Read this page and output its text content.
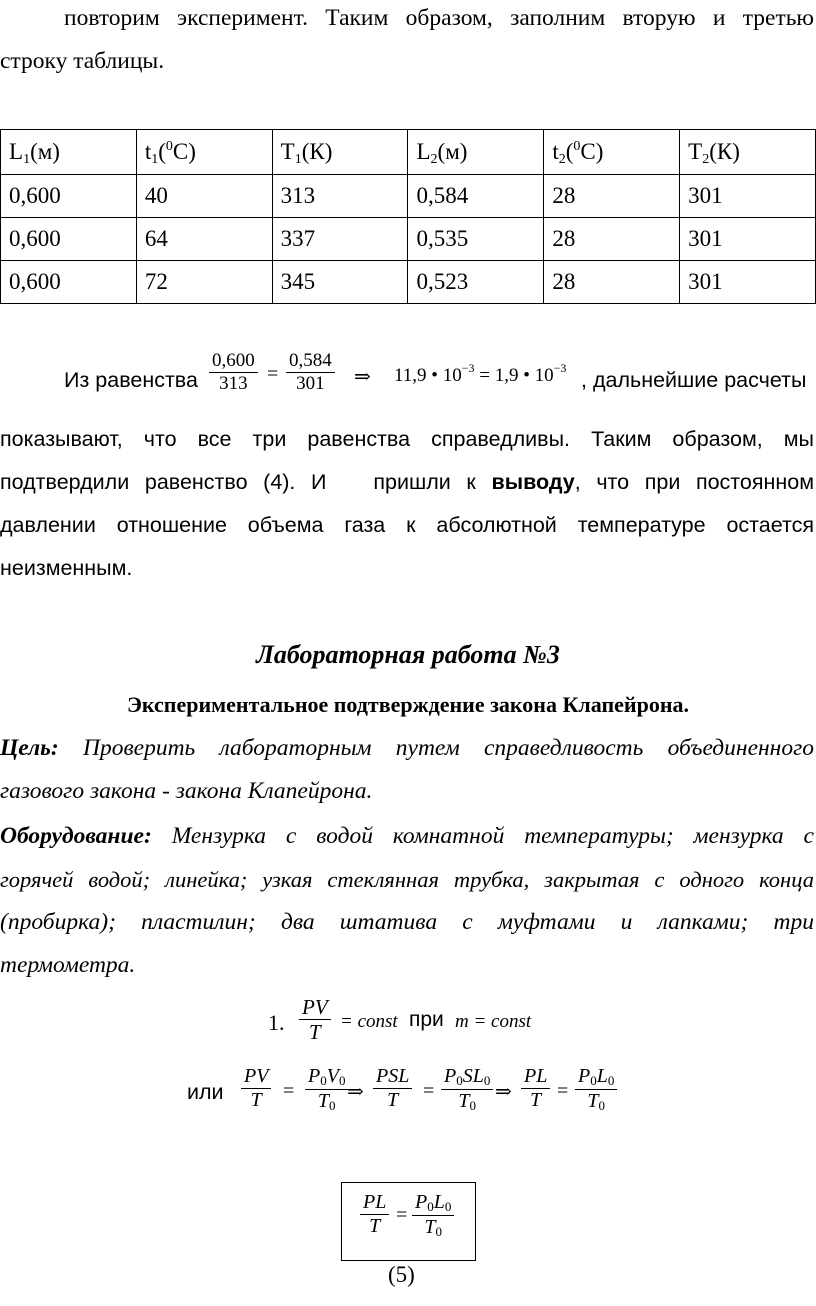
повторим эксперимент. Таким образом, заполним вторую и третью
строку таблицы.
$L_1(м)$	$t_1(^0C)$	$T_1(К)$	$L_2(м)$	$t_2(^0C)$	$T_2(К)$
0,600	40	313	0,584	28	301
0,600	64	337	0,535	28	301
0,600	72	345	0,523	28	301
Из равенства $\frac{0,600}{313} = \frac{0,584}{301}$ ⇒ 11,9 • $10^{-3} = 1,9$ • $10^{-3}$ , дальнейшие расчеты
показывают, что все три равенства справедливы. Таким образом, мы
подтвердили равенство (4). И   пришли к выводу, что при постоянном
давлении отношение объема газа к абсолютной температуре остается
неизменным.
Лабораторная работа №3
Экспериментальное подтверждение закона Клапейрона.
Цель: Проверить лабораторным путем справедливость объединенного
газового закона - закона Клапейрона.
Оборудование: Мензурка с водой комнатной температуры; мензурка с
горячей водой; линейка; узкая стеклянная трубка, закрытая с одного конца
(пробирка); пластилин; два штатива с муфтами и лапками; три
термометра.
1. $\frac{PV}{T}$ = const при m = const
или $\frac{PV}{T} = \frac{P0V0}{T0}$
⇒
PSL
T	= $\frac{P0SL0}{T0}$ ⇒ $\frac{PL}{T} = \frac{P0L0}{T0}$
$\frac{PL}{T} = \frac{P0L0}{T0}$
(5)
